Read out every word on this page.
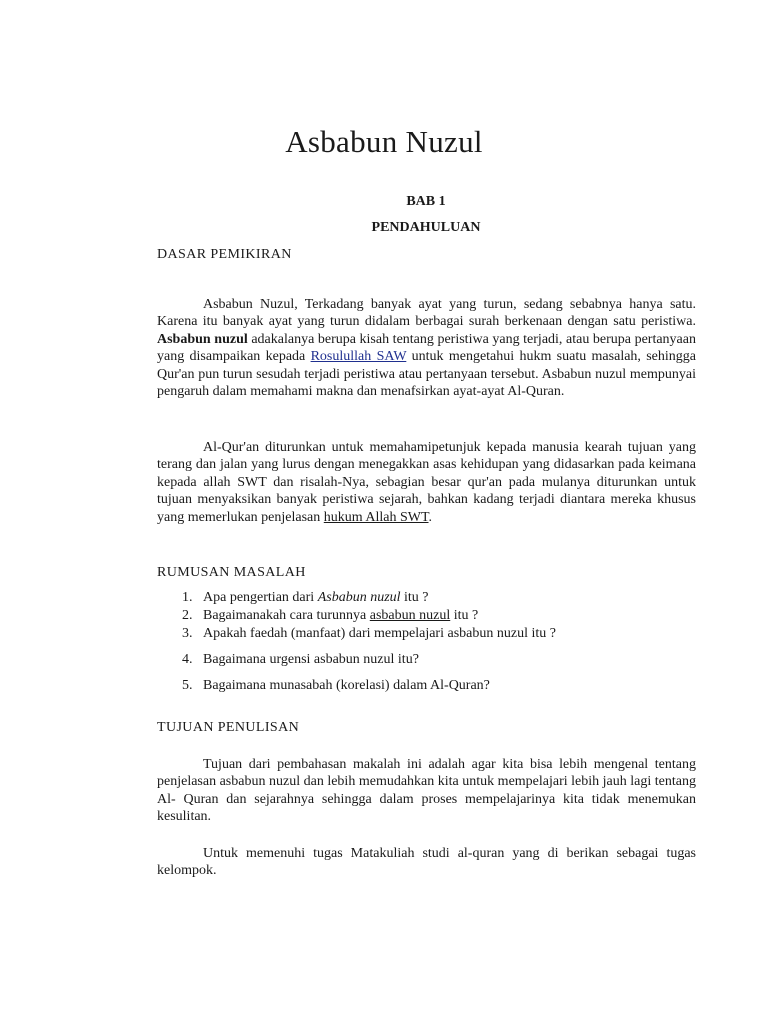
Asbabun Nuzul
BAB 1
PENDAHULUAN
DASAR PEMIKIRAN

Asbabun Nuzul, Terkadang banyak ayat yang turun, sedang sebabnya hanya satu. Karena itu banyak ayat yang turun didalam berbagai surah berkenaan dengan satu peristiwa. Asbabun nuzul adakalanya berupa kisah tentang peristiwa yang terjadi, atau berupa pertanyaan yang disampaikan kepada Rosulullah SAW untuk mengetahui hukm suatu masalah, sehingga Qur'an pun turun sesudah terjadi peristiwa atau pertanyaan tersebut. Asbabun nuzul mempunyai pengaruh dalam memahami makna dan menafsirkan ayat-ayat Al-Quran.

Al-Qur'an diturunkan untuk memahamipetunjuk kepada manusia kearah tujuan yang terang dan jalan yang lurus dengan menegakkan asas kehidupan yang didasarkan pada keimana kepada allah SWT dan risalah-Nya, sebagian besar qur'an pada mulanya diturunkan untuk tujuan menyaksikan banyak peristiwa sejarah, bahkan kadang terjadi diantara mereka khusus yang memerlukan penjelasan hukum Allah SWT.

RUMUSAN MASALAH
1. Apa pengertian dari Asbabun nuzul itu ?
2. Bagaimanakah cara turunnya asbabun nuzul itu ?
3. Apakah faedah (manfaat) dari mempelajari asbabun nuzul itu ?
4. Bagaimana urgensi asbabun nuzul itu?
5. Bagaimana munasabah (korelasi) dalam Al-Quran?
TUJUAN PENULISAN

Tujuan dari pembahasan makalah ini adalah agar kita bisa lebih mengenal tentang penjelasan asbabun nuzul dan lebih memudahkan kita untuk mempelajari lebih jauh lagi tentang Al- Quran dan sejarahnya sehingga dalam proses mempelajarinya kita tidak menemukan kesulitan.

Untuk memenuhi tugas Matakuliah studi al-quran yang di berikan sebagai tugas kelompok.
